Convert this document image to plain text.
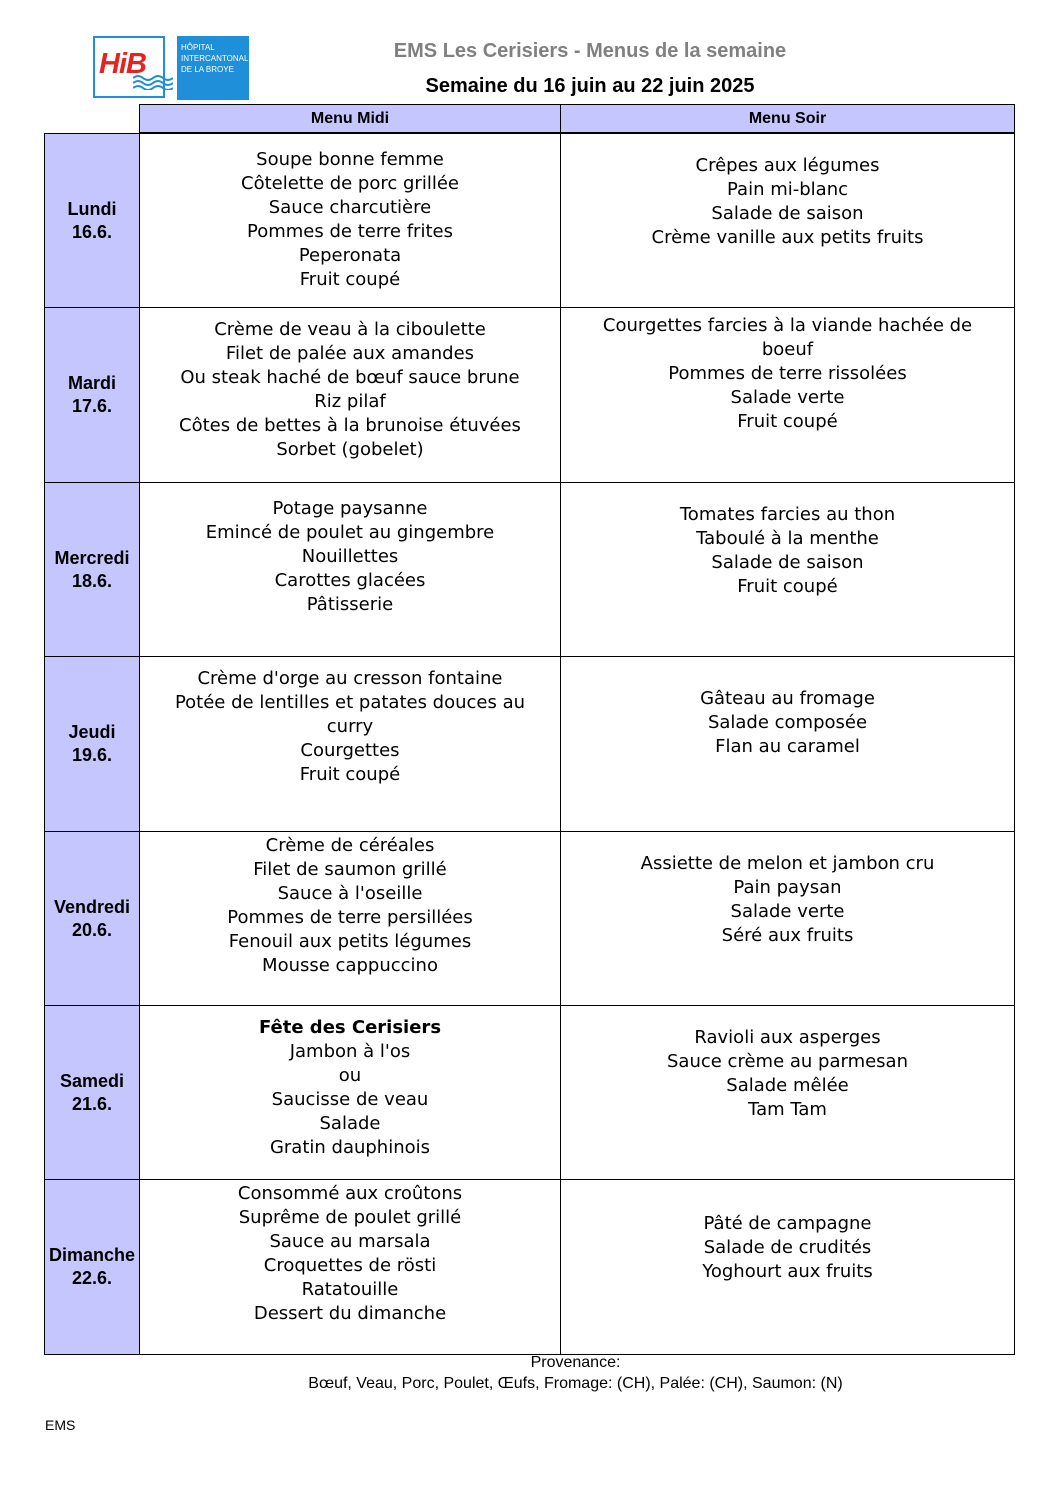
HiB
HÔPITAL
INTERCANTONAL
DE LA BROYE
EMS Les Cerisiers - Menus de la semaine
Semaine du 16 juin au 22 juin 2025
Menu Midi	Menu Soir
Lundi
16.6.
Soupe bonne femme
Côtelette de porc grillée
Sauce charcutière
Pommes de terre frites
Peperonata
Fruit coupé
Crêpes aux légumes
Pain mi-blanc
Salade de saison
Crème vanille aux petits fruits
Mardi
17.6.
Crème de veau à la ciboulette
Filet de palée aux amandes
Ou steak haché de bœuf sauce brune
Riz pilaf
Côtes de bettes à la brunoise étuvées
Sorbet (gobelet)
Courgettes farcies à la viande hachée de
boeuf
Pommes de terre rissolées
Salade verte
Fruit coupé
Mercredi
18.6.
Potage paysanne
Emincé de poulet au gingembre
Nouillettes
Carottes glacées
Pâtisserie
Tomates farcies au thon
Taboulé à la menthe
Salade de saison
Fruit coupé
Jeudi
19.6.
Crème d'orge au cresson fontaine
Potée de lentilles et patates douces au
curry
Courgettes
Fruit coupé
Gâteau au fromage
Salade composée
Flan au caramel
Vendredi
20.6.
Crème de céréales
Filet de saumon grillé
Sauce à l'oseille
Pommes de terre persillées
Fenouil aux petits légumes
Mousse cappuccino
Assiette de melon et jambon cru
Pain paysan
Salade verte
Séré aux fruits
Samedi
21.6.
Fête des Cerisiers
Jambon à l'os
ou
Saucisse de veau
Salade
Gratin dauphinois
Ravioli aux asperges
Sauce crème au parmesan
Salade mêlée
Tam Tam
Dimanche
22.6.
Consommé aux croûtons
Suprême de poulet grillé
Sauce au marsala
Croquettes de rösti
Ratatouille
Dessert du dimanche
Pâté de campagne
Salade de crudités
Yoghourt aux fruits
Provenance:
Bœuf, Veau, Porc, Poulet, Œufs, Fromage: (CH), Palée: (CH), Saumon: (N)
EMS
